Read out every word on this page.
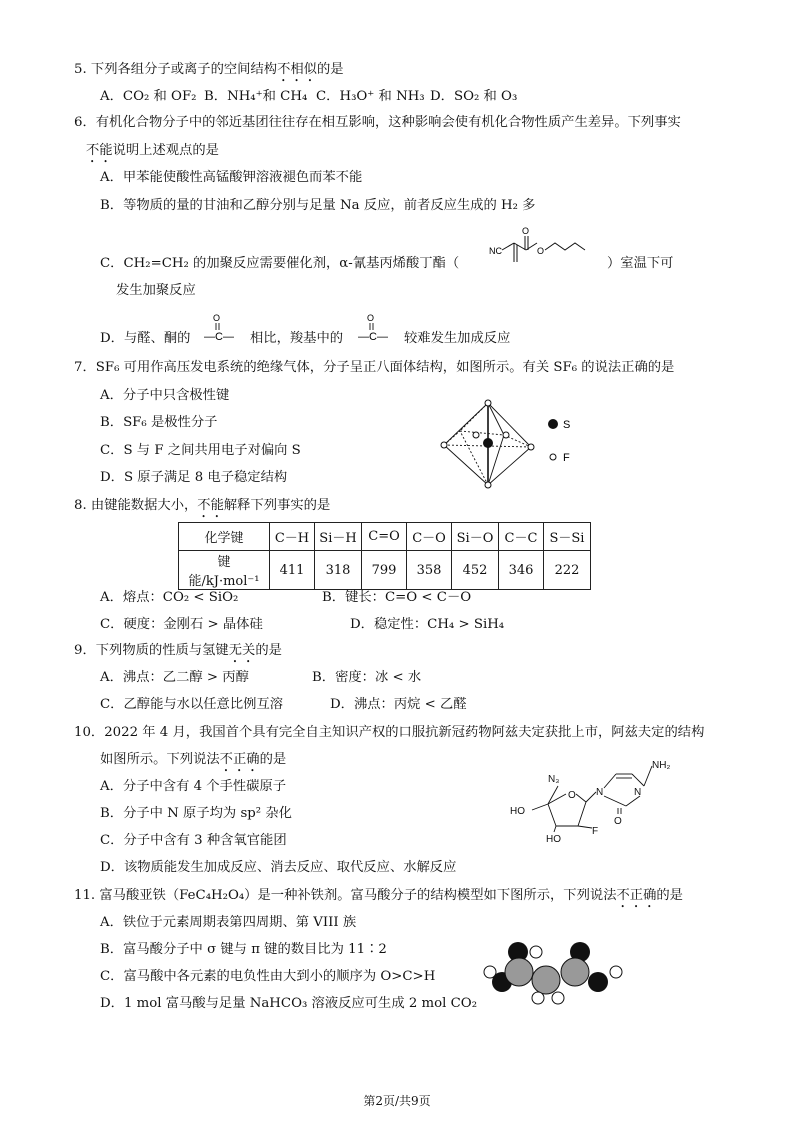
5. 下列各组分子或离子的空间结构不相似的是
A．CO₂ 和 OF₂ B．NH₄⁺和 CH₄ C．H₃O⁺ 和 NH₃ D．SO₂ 和 O₃
6．有机化合物分子中的邻近基团往往存在相互影响，这种影响会使有机化合物性质产生差异。下列事实
不能说明上述观点的是
A．甲苯能使酸性高锰酸钾溶液褪色而苯不能
B．等物质的量的甘油和乙醇分别与足量 Na 反应，前者反应生成的 H₂ 多
C．CH₂=CH₂ 的加聚反应需要催化剂，α-氰基丙烯酸丁酯（	）室温下可
NC
O
O
发生加聚反应
D．与醛、酮的
O
—C— 相比，羧基中的
O
—C— 较难发生加成反应
7．SF₆ 可用作高压发电系统的绝缘气体，分子呈正八面体结构，如图所示。有关 SF₆ 的说法正确的是
A．分子中只含极性键
B．SF₆ 是极性分子
C．S 与 F 之间共用电子对偏向 S
D．S 原子满足 8 电子稳定结构
S
F
8. 由键能数据大小，不能解释下列事实的是
化学键	C－H	Si－H	C=O	C－O	Si－O	C－C	S－Si
键能/kJ·mol⁻¹	411	318	799	358	452	346	222
A．熔点：CO₂ < SiO₂	B．键长：C=O < C－O
C．硬度：金刚石 > 晶体硅	D．稳定性：CH₄ > SiH₄
9．下列物质的性质与氢键无关的是
A．沸点：乙二醇 > 丙醇	B．密度：冰 < 水
C．乙醇能与水以任意比例互溶	D．沸点：丙烷 < 乙醛
10．2022 年 4 月，我国首个具有完全自主知识产权的口服抗新冠药物阿兹夫定获批上市，阿兹夫定的结构
如图所示。下列说法不正确的是
A．分子中含有 4 个手性碳原子
B．分子中 N 原子均为 sp² 杂化
C．分子中含有 3 种含氧官能团
D．该物质能发生加成反应、消去反应、取代反应、水解反应
NH₂
N₃
HO
HO
O N	N
F
O
11. 富马酸亚铁（FeC₄H₂O₄）是一种补铁剂。富马酸分子的结构模型如下图所示，下列说法不正确的是
A．铁位于元素周期表第四周期、第 VIII 族
B．富马酸分子中 σ 键与 π 键的数目比为 11∶2
C．富马酸中各元素的电负性由大到小的顺序为 O>C>H
D．1 mol 富马酸与足量 NaHCO₃ 溶液反应可生成 2 mol CO₂
第2页/共9页
